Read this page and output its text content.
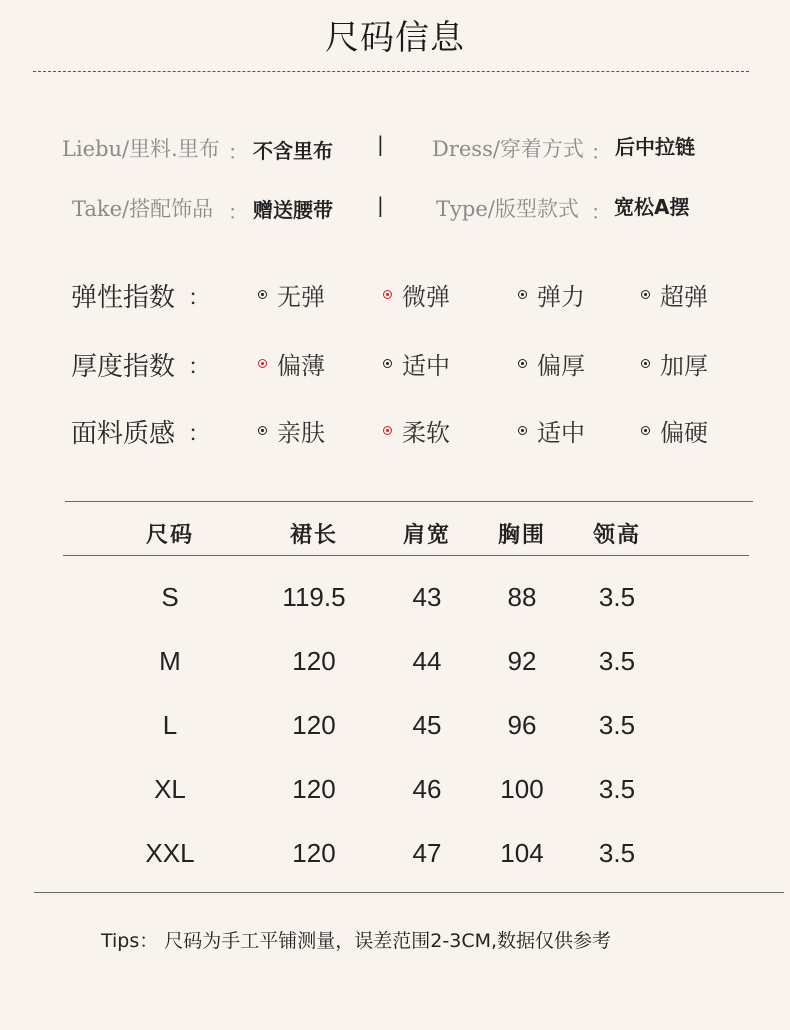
尺码信息
Liebu/里料.里布 ： 不含里布 | Dress/穿着方式 ： 后中拉链
Take/搭配饰品 ： 赠送腰带 | Type/版型款式 ： 宽松A摆
弹性指数 ：	无弹	微弹	弹力	超弹
厚度指数 ：	偏薄	适中	偏厚	加厚
面料质感 ：	亲肤	柔软	适中	偏硬
尺码	裙长	肩宽	胸围	领高
S	119.5	43	88	3.5
M	120	44	92	3.5
L	120	45	96	3.5
XL	120	46	100	3.5
XXL	120	47	104	3.5
Tips： 尺码为手工平铺测量，误差范围2-3CM,数据仅供参考
